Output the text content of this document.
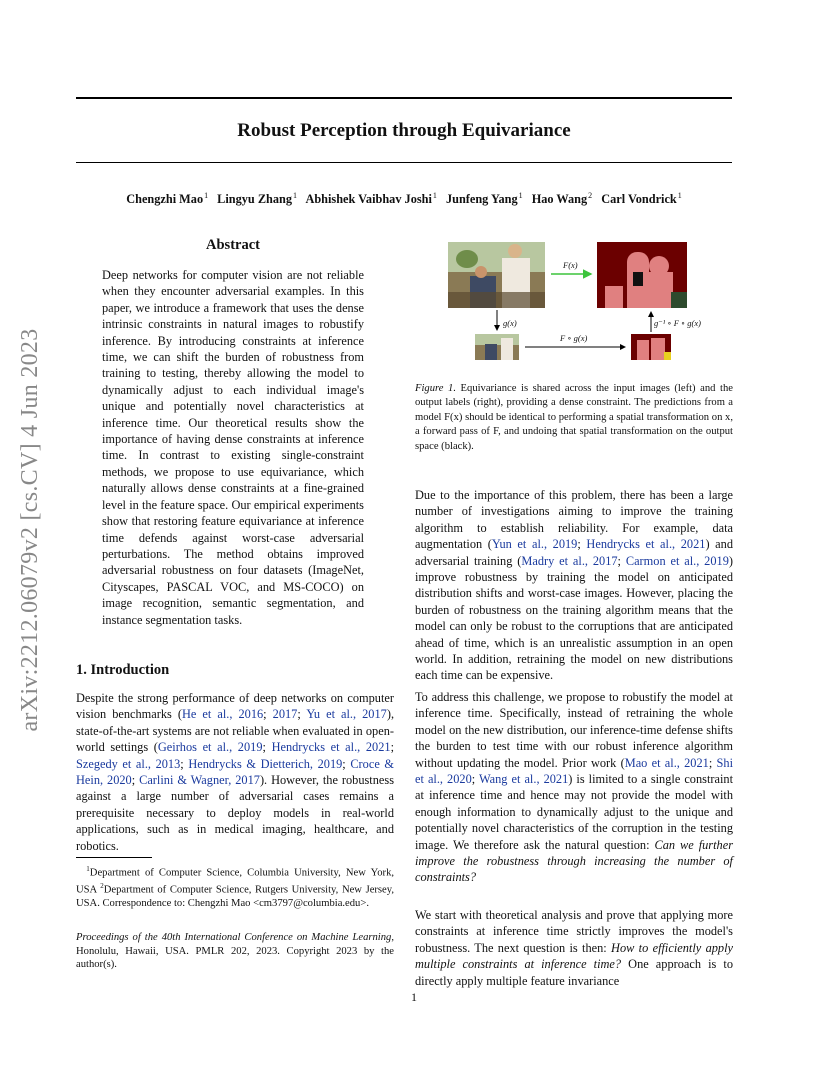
arXiv:2212.06079v2 [cs.CV] 4 Jun 2023
Robust Perception through Equivariance
Chengzhi Mao$^1$ Lingyu Zhang$^1$ Abhishek Vaibhav Joshi$^1$ Junfeng Yang$^1$ Hao Wang$^2$ Carl Vondrick$^1$
Abstract
Deep networks for computer vision are not reliable when they encounter adversarial examples. In this paper, we introduce a framework that uses the dense intrinsic constraints in natural images to robustify inference. By introducing constraints at inference time, we can shift the burden of robustness from training to testing, thereby allowing the model to dynamically adjust to each individual image's unique and potentially novel characteristics at inference time. Our theoretical results show the importance of having dense constraints at inference time. In contrast to existing single-constraint methods, we propose to use equivariance, which naturally allows dense constraints at a fine-grained level in the feature space. Our empirical experiments show that restoring feature equivariance at inference time defends against worst-case adversarial perturbations. The method obtains improved adversarial robustness on four datasets (ImageNet, Cityscapes, PASCAL VOC, and MS-COCO) on image recognition, semantic segmentation, and instance segmentation tasks.
1. Introduction
Despite the strong performance of deep networks on computer vision benchmarks (He et al., 2016; 2017; Yu et al., 2017), state-of-the-art systems are not reliable when evaluated in open-world settings (Geirhos et al., 2019; Hendrycks et al., 2021; Szegedy et al., 2013; Hendrycks & Dietterich, 2019; Croce & Hein, 2020; Carlini & Wagner, 2017). However, the robustness against a large number of adversarial cases remains a prerequisite necessary to deploy models in real-world applications, such as in medical imaging, healthcare, and robotics.
$^1$Department of Computer Science, Columbia University, New York, USA $^2$Department of Computer Science, Rutgers University, New Jersey, USA. Correspondence to: Chengzhi Mao <cm3797@columbia.edu>.
Proceedings of the 40th International Conference on Machine Learning, Honolulu, Hawaii, USA. PMLR 202, 2023. Copyright 2023 by the author(s).
F(x)
g(x)
F ∘ g(x)
g⁻¹ ∘ F ∘ g(x)
Figure 1. Equivariance is shared across the input images (left) and the output labels (right), providing a dense constraint. The predictions from a model F(x) should be identical to performing a spatial transformation on x, a forward pass of F, and undoing that spatial transformation on the output space (black).
Due to the importance of this problem, there has been a large number of investigations aiming to improve the training algorithm to establish reliability. For example, data augmentation (Yun et al., 2019; Hendrycks et al., 2021) and adversarial training (Madry et al., 2017; Carmon et al., 2019) improve robustness by training the model on anticipated distribution shifts and worst-case images. However, placing the burden of robustness on the training algorithm means that the model can only be robust to the corruptions that are anticipated ahead of time, which is an unrealistic assumption in an open world. In addition, retraining the model on new distributions each time can be expensive.
To address this challenge, we propose to robustify the model at inference time. Specifically, instead of retraining the whole model on the new distribution, our inference-time defense shifts the burden to test time with our robust inference algorithm without updating the model. Prior work (Mao et al., 2021; Shi et al., 2020; Wang et al., 2021) is limited to a single constraint at inference time and hence may not provide the model with enough information to dynamically adjust to the unique and potentially novel characteristics of the corruption in the testing image. We therefore ask the natural question: Can we further improve the robustness through increasing the number of constraints?
We start with theoretical analysis and prove that applying more constraints at inference time strictly improves the model's robustness. The next question is then: How to efficiently apply multiple constraints at inference time? One approach is to directly apply multiple feature invariance
1
